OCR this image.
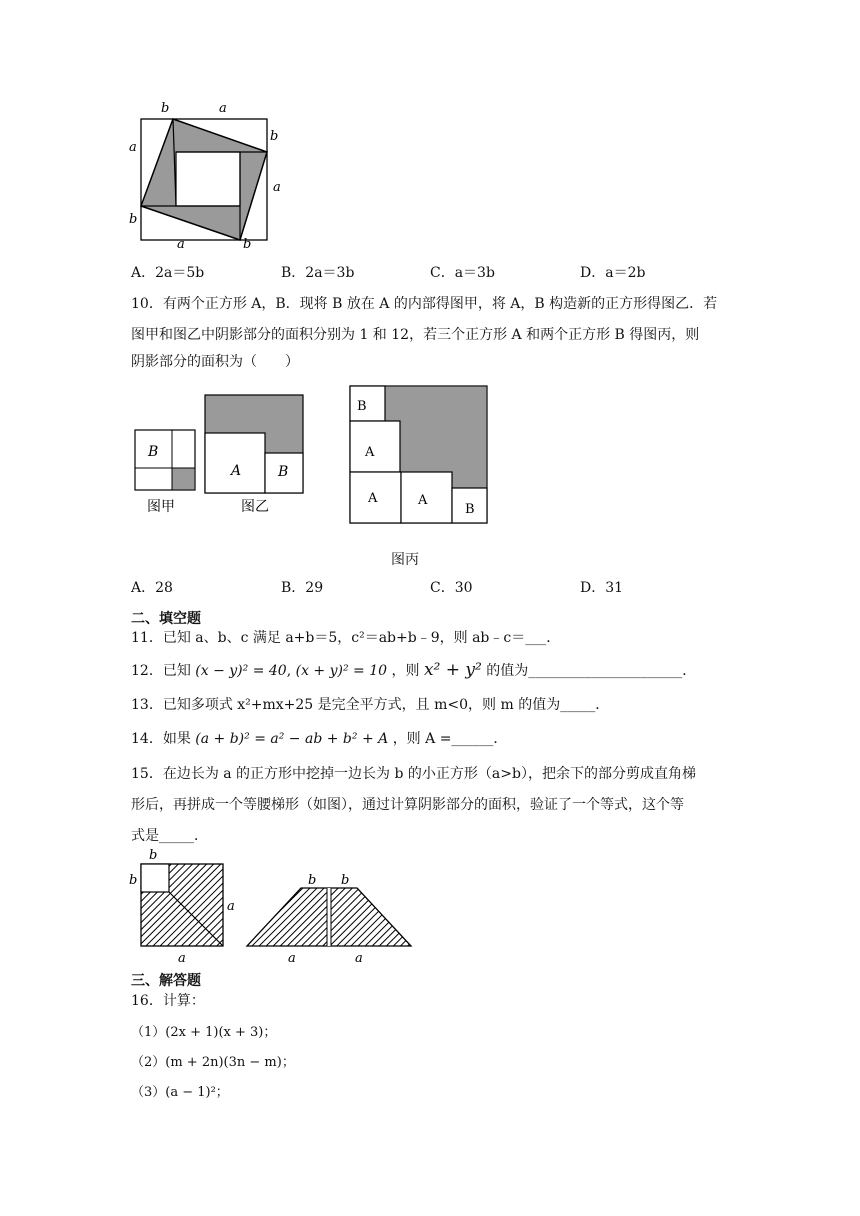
b	a
a
b
a
b
a	b
A．2a＝5b	B．2a＝3b	C．a＝3b	D．a＝2b
10．有两个正方形 A，B．现将 B 放在 A 的内部得图甲，将 A，B 构造新的正方形得图乙．若
图甲和图乙中阴影部分的面积分别为 1 和 12，若三个正方形 A 和两个正方形 B 得图丙，则
阴影部分的面积为（　　）
B
图甲
A	B
图乙
B
A
A	A
B
图丙
A．28	B．29	C．30	D．31
二、填空题
11．已知 a、b、c 满足 a+b＝5，c²＝ab+b﹣9，则 ab﹣c＝___．
12．已知 (x − y)² = 40, (x + y)² = 10 ，则 x² + y² 的值为______________________．
13．已知多项式 x²+mx+25 是完全平方式，且 m<0，则 m 的值为_____．
14．如果 (a + b)² = a² − ab + b² + A ，则 A =______．
15．在边长为 a 的正方形中挖掉一边长为 b 的小正方形（a>b），把余下的部分剪成直角梯
形后，再拼成一个等腰梯形（如图），通过计算阴影部分的面积，验证了一个等式，这个等
式是_____．
b
b
a
a
b b
a	a
三、解答题
16．计算：
（1）(2x + 1)(x + 3)；
（2）(m + 2n)(3n − m)；
（3）(a − 1)²；
